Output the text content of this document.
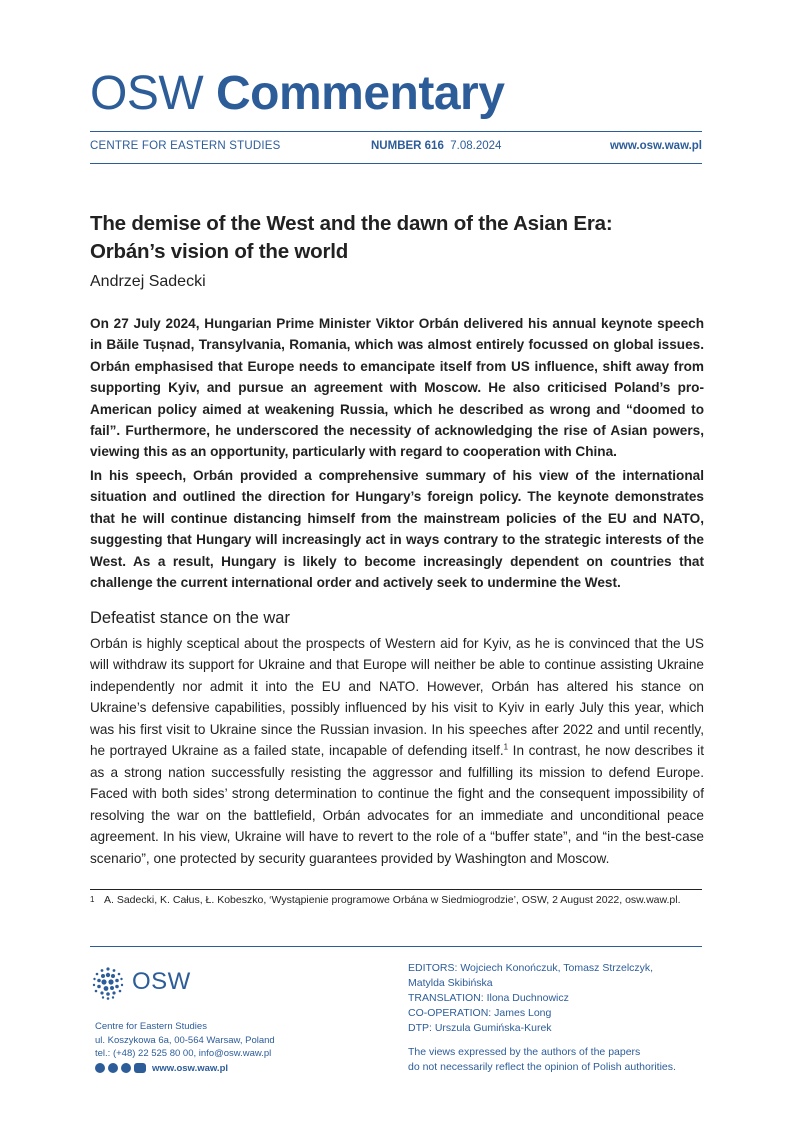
OSW Commentary
CENTRE FOR EASTERN STUDIES	NUMBER 616 7.08.2024	www.osw.waw.pl
The demise of the West and the dawn of the Asian Era:
Orbán’s vision of the world
Andrzej Sadecki

On 27 July 2024, Hungarian Prime Minister Viktor Orbán delivered his annual keynote speech in Băile Tușnad, Transylvania, Romania, which was almost entirely focussed on global issues. Orbán emphasised that Europe needs to emancipate itself from US influence, shift away from supporting Kyiv, and pursue an agreement with Moscow. He also criticised Poland’s pro-American policy aimed at weakening Russia, which he described as wrong and “doomed to fail”. Furthermore, he underscored the necessity of acknowledging the rise of Asian powers, viewing this as an opportunity, particularly with regard to cooperation with China.

In his speech, Orbán provided a comprehensive summary of his view of the international situation and outlined the direction for Hungary’s foreign policy. The keynote demonstrates that he will continue distancing himself from the mainstream policies of the EU and NATO, suggesting that Hungary will increasingly act in ways contrary to the strategic interests of the West. As a result, Hungary is likely to become increasingly dependent on countries that challenge the current international order and actively seek to undermine the West.

Defeatist stance on the war

Orbán is highly sceptical about the prospects of Western aid for Kyiv, as he is convinced that the US will withdraw its support for Ukraine and that Europe will neither be able to continue assisting Ukraine independently nor admit it into the EU and NATO. However, Orbán has altered his stance on Ukraine’s defensive capabilities, possibly influenced by his visit to Kyiv in early July this year, which was his first visit to Ukraine since the Russian invasion. In his speeches after 2022 and until recently, he portrayed Ukraine as a failed state, incapable of defending itself.$^1$ In contrast, he now describes it as a strong nation successfully resisting the aggressor and fulfilling its mission to defend Europe. Faced with both sides’ strong determination to continue the fight and the consequent impossibility of resolving the war on the battlefield, Orbán advocates for an immediate and unconditional peace agreement. In his view, Ukraine will have to revert to the role of a “buffer state”, and “in the best-case scenario”, one protected by security guarantees provided by Washington and Moscow.

1 A. Sadecki, K. Całus, Ł. Kobeszko, ‘Wystąpienie programowe Orbána w Siedmiogrodzie’, OSW, 2 August 2022, osw.waw.pl.
OSW
Centre for Eastern Studies
ul. Koszykowa 6a, 00-564 Warsaw, Poland
tel.: (+48) 22 525 80 00, info@osw.waw.pl
www.osw.waw.pl
EDITORS: Wojciech Konończuk, Tomasz Strzelczyk,
Matylda Skibińska
TRANSLATION: Ilona Duchnowicz
CO-OPERATION: James Long
DTP: Urszula Gumińska-Kurek
The views expressed by the authors of the papers
do not necessarily reflect the opinion of Polish authorities.
